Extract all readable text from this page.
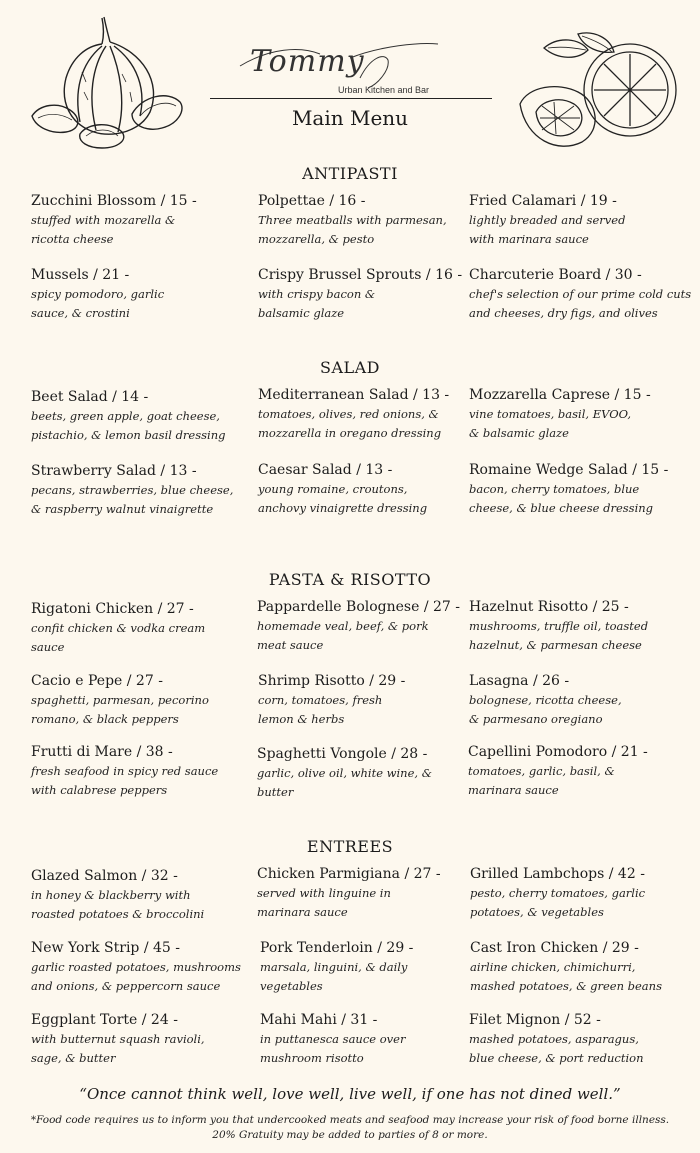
Tommy
Urban Kitchen and Bar
Main Menu
ANTIPASTI
Zucchini Blossom / 15 -
stuffed with mozarella &
ricotta cheese
Polpettae / 16 -
Three meatballs with parmesan,
mozzarella, & pesto
Fried Calamari / 19 -
lightly breaded and served
with marinara sauce
Mussels / 21 -
spicy pomodoro, garlic
sauce, & crostini
Crispy Brussel Sprouts / 16 -
with crispy bacon &
balsamic glaze
Charcuterie Board / 30 -
chef's selection of our prime cold cuts
and cheeses, dry figs, and olives
SALAD
Beet Salad / 14 -
beets, green apple, goat cheese,
pistachio, & lemon basil dressing
Mediterranean Salad / 13 -
tomatoes, olives, red onions, &
mozzarella in oregano dressing
Mozzarella Caprese / 15 -
vine tomatoes, basil, EVOO,
& balsamic glaze
Strawberry Salad / 13 -
pecans, strawberries, blue cheese,
& raspberry walnut vinaigrette
Caesar Salad / 13 -
young romaine, croutons,
anchovy vinaigrette dressing
Romaine Wedge Salad / 15 -
bacon, cherry tomatoes, blue
cheese, & blue cheese dressing
PASTA & RISOTTO
Rigatoni Chicken / 27 -
confit chicken & vodka cream
sauce
Pappardelle Bolognese / 27 -
homemade veal, beef, & pork
meat sauce
Hazelnut Risotto / 25 -
mushrooms, truffle oil, toasted
hazelnut, & parmesan cheese
Cacio e Pepe / 27 -
spaghetti, parmesan, pecorino
romano, & black peppers
Shrimp Risotto / 29 -
corn, tomatoes, fresh
lemon & herbs
Lasagna / 26 -
bolognese, ricotta cheese,
& parmesano oregiano
Frutti di Mare / 38 -
fresh seafood in spicy red sauce
with calabrese peppers
Spaghetti Vongole / 28 -
garlic, olive oil, white wine, &
butter
Capellini Pomodoro / 21 -
tomatoes, garlic, basil, &
marinara sauce
ENTREES
Glazed Salmon / 32 -
in honey & blackberry with
roasted potatoes & broccolini
Chicken Parmigiana / 27 -
served with linguine in
marinara sauce
Grilled Lambchops / 42 -
pesto, cherry tomatoes, garlic
potatoes, & vegetables
New York Strip / 45 -
garlic roasted potatoes, mushrooms
and onions, & peppercorn sauce
Pork Tenderloin / 29 -
marsala, linguini, & daily
vegetables
Cast Iron Chicken / 29 -
airline chicken, chimichurri,
mashed potatoes, & green beans
Eggplant Torte / 24 -
with butternut squash ravioli,
sage, & butter
Mahi Mahi / 31 -
in puttanesca sauce over
mushroom risotto
Filet Mignon / 52 -
mashed potatoes, asparagus,
blue cheese, & port reduction
“Once cannot think well, love well, live well, if one has not dined well.”
*Food code requires us to inform you that undercooked meats and seafood may increase your risk of food borne illness.
20% Gratuity may be added to parties of 8 or more.
